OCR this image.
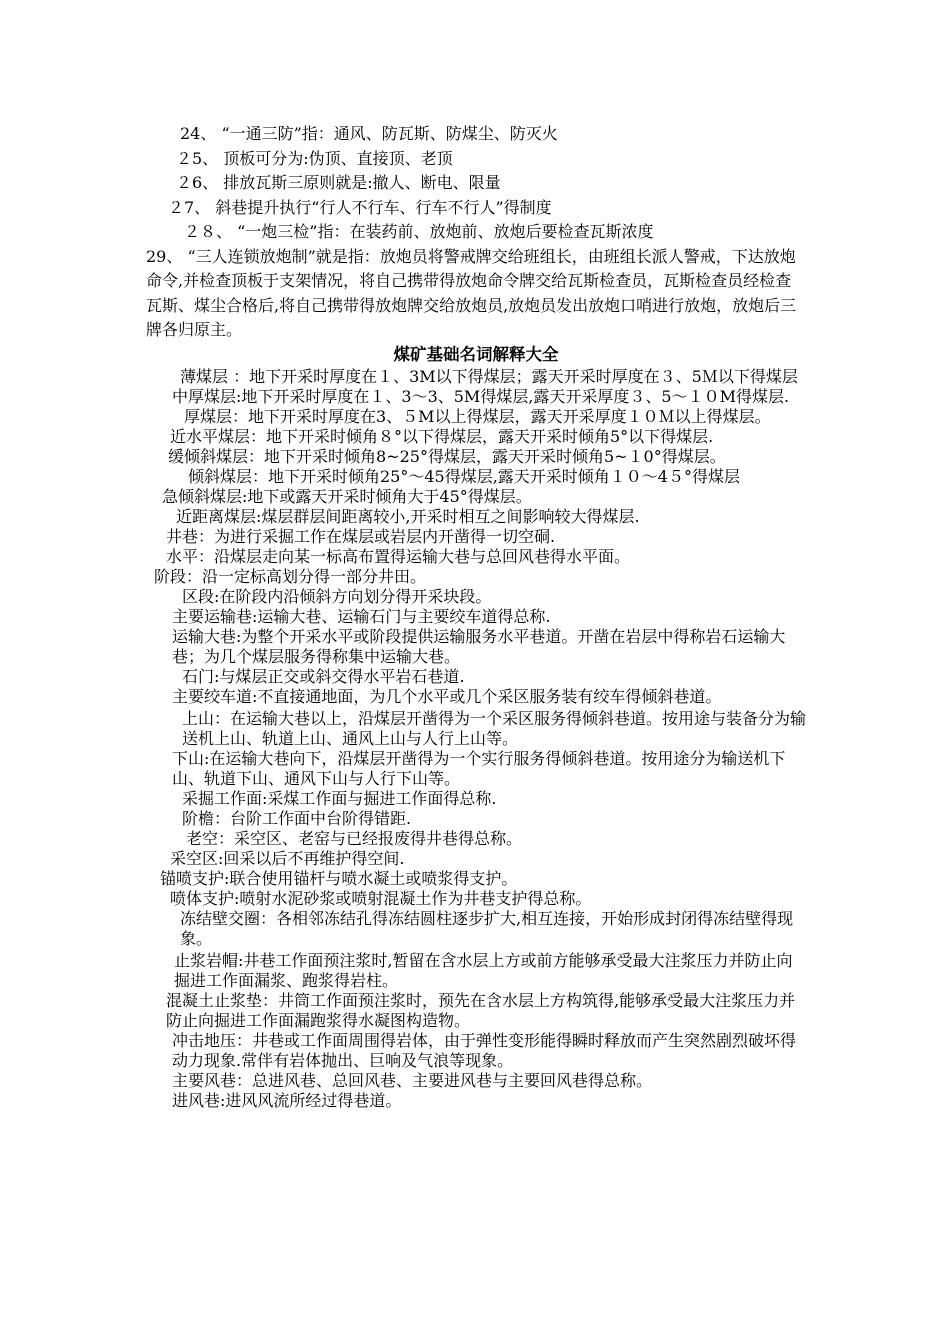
24、 “一通三防”指：通风、防瓦斯、防煤尘、防灭火

２5、 顶板可分为:伪顶、直接顶、老顶

２6、 排放瓦斯三原则就是:撤人、断电、限量

２7、 斜巷提升执行“行人不行车、行车不行人”得制度

２８、 “一炮三检”指：在装药前、放炮前、放炮后要检查瓦斯浓度

29、 “三人连锁放炮制”就是指：放炮员将警戒牌交给班组长，由班组长派人警戒，下达放炮命令,并检查顶板于支架情况，将自己携带得放炮命令牌交给瓦斯检查员，瓦斯检查员经检查瓦斯、煤尘合格后,将自己携带得放炮牌交给放炮员,放炮员发出放炮口哨进行放炮，放炮后三牌各归原主。

煤矿基础名词解释大全

薄煤层 ：地下开采时厚度在１、3M以下得煤层；露天开采时厚度在３、5Ｍ以下得煤层

中厚煤层:地下开采时厚度在１、3～3、5M得煤层,露天开采厚度３、5～１０M得煤层.

厚煤层：地下开采时厚度在3、５M以上得煤层，露天开采厚度１０Ｍ以上得煤层。

近水平煤层：地下开采时倾角８°以下得煤层，露天开采时倾角5°以下得煤层.

缓倾斜煤层：地下开采时倾角8~25°得煤层，露天开采时倾角5~１0°得煤层。

倾斜煤层：地下开采时倾角25°～45得煤层,露天开采时倾角１０～4５°得煤层

急倾斜煤层:地下或露天开采时倾角大于45°得煤层。

近距离煤层:煤层群层间距离较小,开采时相互之间影响较大得煤层.

井巷：为进行采掘工作在煤层或岩层内开凿得一切空硐.

水平：沿煤层走向某一标高布置得运输大巷与总回风巷得水平面。

阶段：沿一定标高划分得一部分井田。

区段:在阶段内沿倾斜方向划分得开采块段。

主要运输巷:运输大巷、运输石门与主要绞车道得总称.

运输大巷:为整个开采水平或阶段提供运输服务水平巷道。开凿在岩层中得称岩石运输大巷；为几个煤层服务得称集中运输大巷。

石门:与煤层正交或斜交得水平岩石巷道.

主要绞车道:不直接通地面，为几个水平或几个采区服务装有绞车得倾斜巷道。

上山：在运输大巷以上，沿煤层开凿得为一个采区服务得倾斜巷道。按用途与装备分为输送机上山、轨道上山、通风上山与人行上山等。

下山:在运输大巷向下，沿煤层开凿得为一个实行服务得倾斜巷道。按用途分为输送机下山、轨道下山、通风下山与人行下山等。

采掘工作面:采煤工作面与掘进工作面得总称.

阶檐：台阶工作面中台阶得错距.

老空：采空区、老窑与已经报废得井巷得总称。

采空区:回采以后不再维护得空间.

锚喷支护:联合使用锚杆与喷水凝土或喷浆得支护。

喷体支护:喷射水泥砂浆或喷射混凝土作为井巷支护得总称。

冻结壁交圈：各相邻冻结孔得冻结圆柱逐步扩大,相互连接，开始形成封闭得冻结壁得现象。

止浆岩帽:井巷工作面预注浆时,暂留在含水层上方或前方能够承受最大注浆压力并防止向掘进工作面漏浆、跑浆得岩柱。

混凝土止浆垫：井筒工作面预注浆时，预先在含水层上方构筑得,能够承受最大注浆压力并防止向掘进工作面漏跑浆得水凝图构造物。

冲击地压：井巷或工作面周围得岩体，由于弹性变形能得瞬时释放而产生突然剧烈破坏得动力现象.常伴有岩体抛出、巨响及气浪等现象。

主要风巷：总进风巷、总回风巷、主要进风巷与主要回风巷得总称。

进风巷:进风风流所经过得巷道。
